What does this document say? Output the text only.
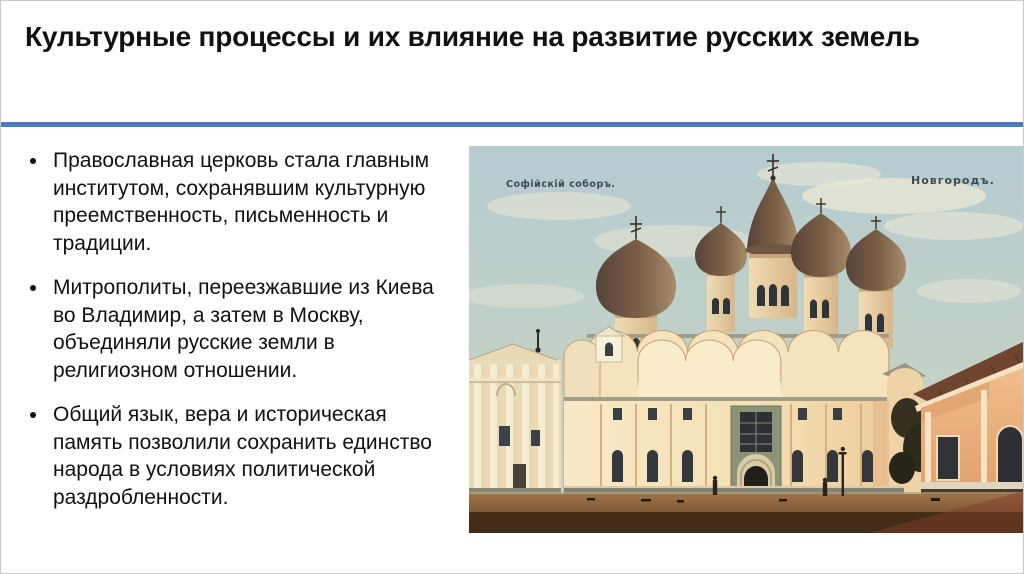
Культурные процессы и их влияние на развитие русских земель
Православная церковь стала главным институтом, сохранявшим культурную преемственность, письменность и традиции.
Митрополиты, переезжавшие из Киева во Владимир, а затем в Москву, объединяли русские земли в религиозном отношении.
Общий язык, вера и историческая память позволили сохранить единство народа в условиях политической раздробленности.
Софійскій соборъ.	Новгородъ.
